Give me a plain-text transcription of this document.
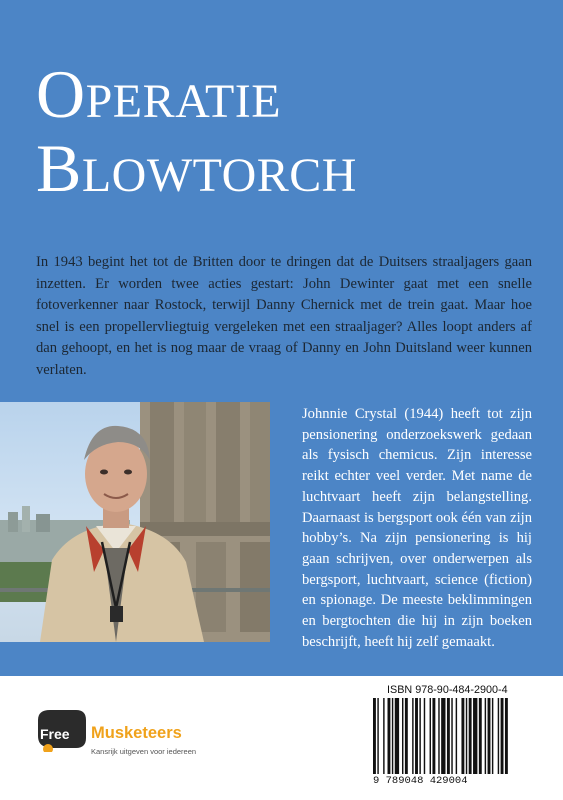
Operatie
Blowtorch

In 1943 begint het tot de Britten door te dringen dat de Duitsers straaljagers gaan inzetten. Er worden twee acties gestart: John Dewinter gaat met een snelle fotoverkenner naar Rostock, terwijl Danny Chernick met de trein gaat. Maar hoe snel is een propellervliegtuig vergeleken met een straaljager? Alles loopt anders af dan gehoopt, en het is nog maar de vraag of Danny en John Duitsland weer kunnen verlaten.

Johnnie Crystal (1944) heeft tot zijn pensionering onderzoekswerk gedaan als fysisch chemicus. Zijn interesse reikt echter veel verder. Met name de luchtvaart heeft zijn belangstelling. Daarnaast is bergsport ook één van zijn hobby’s. Na zijn pensionering is hij gaan schrijven, over onderwerpen als bergsport, luchtvaart, science (fiction) en spionage. De meeste beklimmingen en bergtochten die hij in zijn boeken beschrijft, heeft hij zelf gemaakt.

Free Musketeers
Kansrijk uitgeven voor iedereen
ISBN 978-90-484-2900-4
9 789048 429004
